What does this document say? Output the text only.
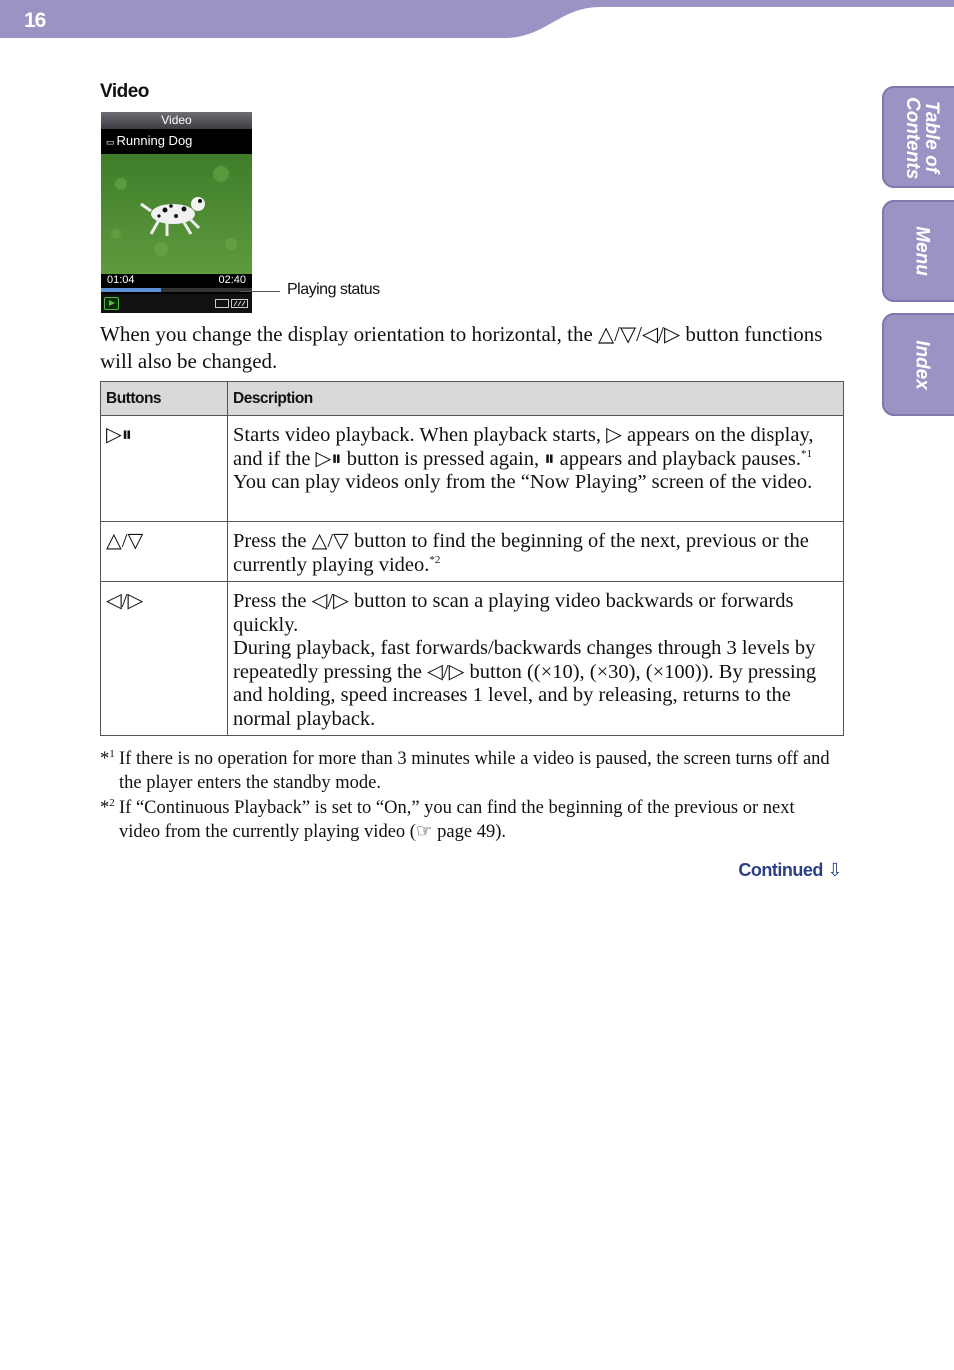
16
Table of Contents
Menu
Index
Video
Video
▭ Running Dog
01:04	02:40
Playing status
When you change the display orientation to horizontal, the △/▽/◁/▷ button functions will also be changed.
Buttons	Description
▷⏸	Starts video playback. When playback starts, ▷ appears on the display, and if the ▷⏸ button is pressed again, ⏸ appears and playback pauses.$^{*1}$ You can play videos only from the “Now Playing” screen of the video.
△/▽	Press the △/▽ button to find the beginning of the next, previous or the currently playing video.$^{*2}$
◁/▷	Press the ◁/▷ button to scan a playing video backwards or forwards quickly.
During playback, fast forwards/backwards changes through 3 levels by repeatedly pressing the ◁/▷ button ((×10), (×30), (×100)). By pressing and holding, speed increases 1 level, and by releasing, returns to the normal playback.
*$^1$ If there is no operation for more than 3 minutes while a video is paused, the screen turns off and the player enters the standby mode.
*$^2$ If “Continuous Playback” is set to “On,” you can find the beginning of the previous or next video from the currently playing video (☞ page 49).
Continued ⇩
